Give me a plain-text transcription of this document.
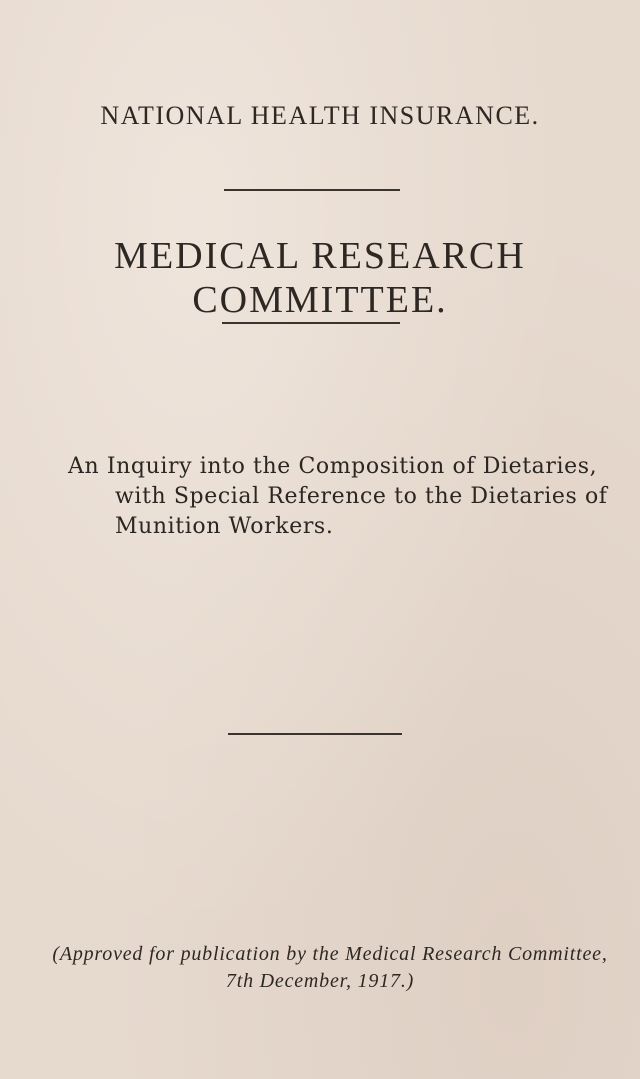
NATIONAL HEALTH INSURANCE.
MEDICAL RESEARCH COMMITTEE.
An Inquiry into the Composition of Dietaries,
with Special Reference to the Dietaries of
Munition Workers.
(Approved for publication by the Medical Research Committee,
7th December, 1917.)
